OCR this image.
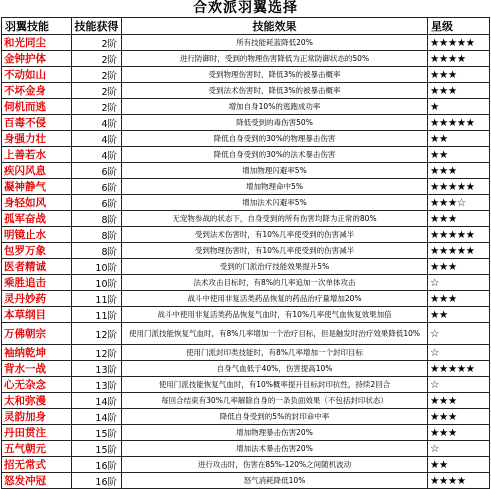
合欢派羽翼选择
羽翼技能	技能获得	技能效果	星级
和光同尘	2阶	所有技能耗蓝降低20%	★★★★★
金钟护体	2阶	进行防御时，受到的物理伤害降低为正常防御状态的50%	★★★★
不动如山	2阶	受到物理伤害时，降低3%的被暴击概率	★★★
不坏金身	2阶	受到法术伤害时，降低3%的被暴击概率	★★★
伺机而逃	2阶	增加自身10%的逃跑成功率	★
百毒不侵	4阶	降低受到的毒伤害50%	★★★★★
身强力壮	4阶	降低自身受到的30%的物理暴击伤害	★★
上善若水	4阶	降低自身受到的30%的法术暴击伤害	★★
疾闪风息	6阶	增加物理闪避率5%	★★★
凝神静气	6阶	增加物理命中5%	★★★★★
身轻如风	6阶	增加法术闪避率5%	★★★☆
孤军奋战	8阶	无宠物参战的状态下，自身受到的所有伤害均降为正常的80%	★★★
明镜止水	8阶	受到法术伤害时，有10%几率使受到的伤害减半	★★★★★
包罗万象	8阶	受到物理伤害时，有10%几率使受到的伤害减半	★★★★★
医者精诚	10阶	受到的门派治疗技能效果提升5%	★★★
乘胜追击	10阶	法术攻击目标时，有8%的几率追加一次单体攻击	☆
灵丹妙药	11阶	战斗中使用非复活类药品恢复的药品治疗量增加20%	★★★
本草纲目	11阶	战斗中使用非复活类药品恢复气血时，有10%几率使气血恢复效果加倍	★★
万佛朝宗	12阶	使用门派技能恢复气血时，有8%几率增加一个治疗目标，但是触发时治疗效果降低10%	☆
袖纳乾坤	12阶	使用门派封印类技能时，有8%几率增加一个封印目标	☆
背水一战	13阶	自身气血低于40%，伤害提高10%	★★★★★
心无杂念	13阶	使用门派技能恢复气血时，有10%概率提升目标封印抗性，持续2回合	☆
太和弥漫	14阶	每回合结束有30%几率解除自身的一条负面效果（不包括封印状态）	★★★
灵韵加身	14阶	降低自身受到的5%的封印命中率	★★★
丹田贯注	15阶	增加物理暴击伤害20%	★★★
五气朝元	15阶	增加法术暴击伤害20%	☆
招无常式	16阶	进行攻击时，伤害在85%-120%之间随机波动	★★
怒发冲冠	16阶	怒气消耗降低10%	★★★★
